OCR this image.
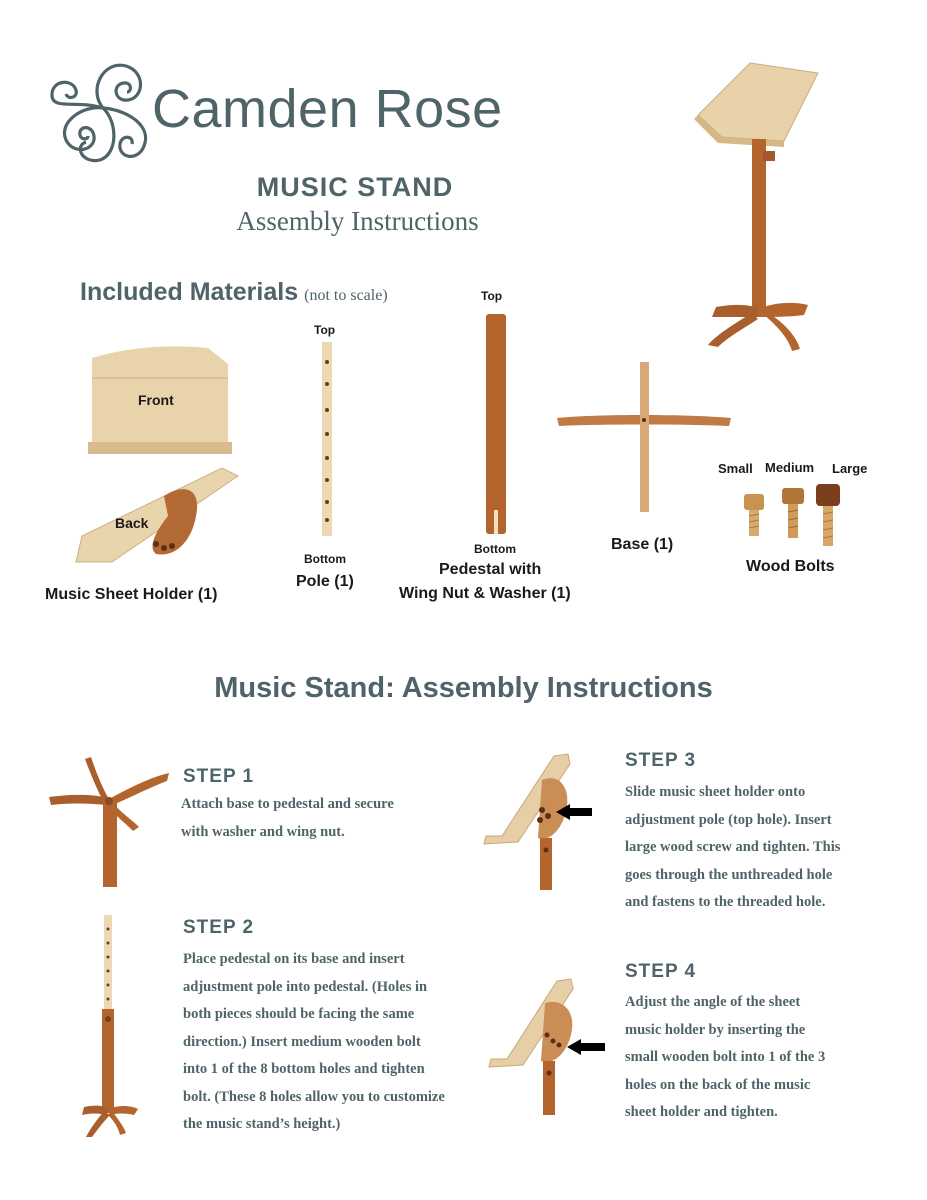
Camden Rose
MUSIC STAND
Assembly Instructions
Included Materials (not to scale)
Front
Back
Music Sheet Holder (1)
Top
Bottom
Pole (1)
Top
Bottom
Pedestal with
Wing Nut & Washer (1)
Base (1)
Small Medium Large
Wood Bolts
Music Stand: Assembly Instructions
STEP 1
Attach base to pedestal and secure
with washer and wing nut.
STEP 2
Place pedestal on its base and insert
adjustment pole into pedestal. (Holes in
both pieces should be facing the same
direction.) Insert medium wooden bolt
into 1 of the 8 bottom holes and tighten
bolt. (These 8 holes allow you to customize
the music stand’s height.)
STEP 3
Slide music sheet holder onto
adjustment pole (top hole). Insert
large wood screw and tighten. This
goes through the unthreaded hole
and fastens to the threaded hole.
STEP 4
Adjust the angle of the sheet
music holder by inserting the
small wooden bolt into 1 of the 3
holes on the back of the music
sheet holder and tighten.
